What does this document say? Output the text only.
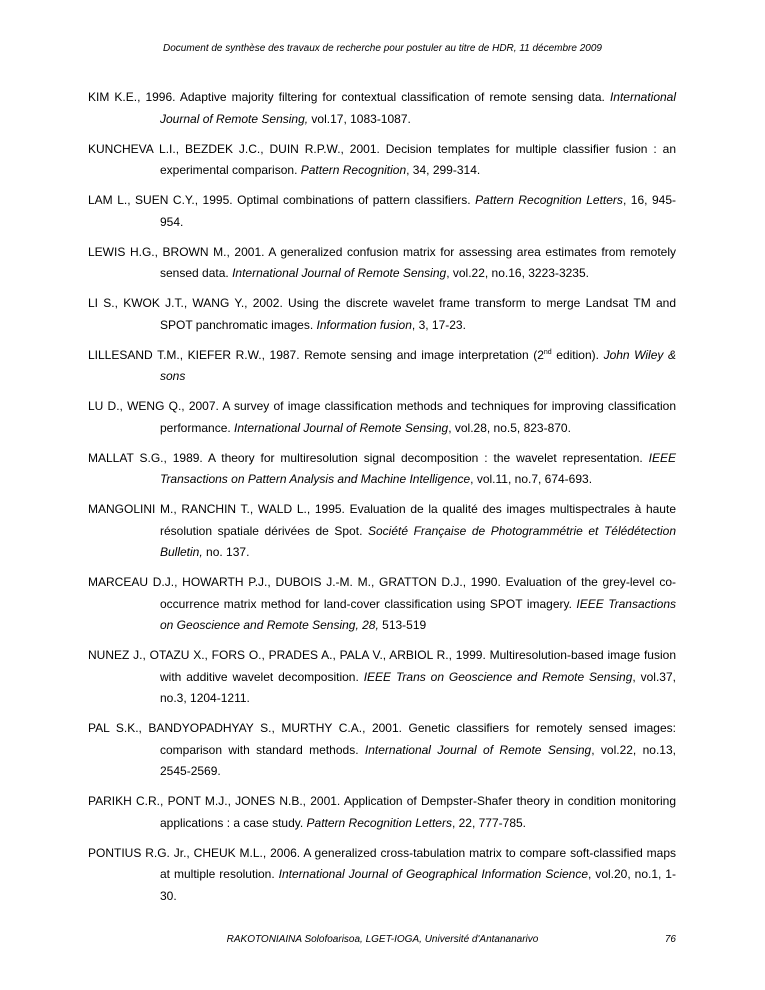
Document de synthèse des travaux de recherche pour postuler au titre de HDR, 11 décembre 2009

KIM K.E., 1996. Adaptive majority filtering for contextual classification of remote sensing data. International Journal of Remote Sensing, vol.17, 1083-1087.

KUNCHEVA L.I., BEZDEK J.C., DUIN R.P.W., 2001. Decision templates for multiple classifier fusion : an experimental comparison. Pattern Recognition, 34, 299-314.

LAM L., SUEN C.Y., 1995. Optimal combinations of pattern classifiers. Pattern Recognition Letters, 16, 945-954.

LEWIS H.G., BROWN M., 2001. A generalized confusion matrix for assessing area estimates from remotely sensed data. International Journal of Remote Sensing, vol.22, no.16, 3223-3235.

LI S., KWOK J.T., WANG Y., 2002. Using the discrete wavelet frame transform to merge Landsat TM and SPOT panchromatic images. Information fusion, 3, 17-23.

LILLESAND T.M., KIEFER R.W., 1987. Remote sensing and image interpretation (2nd edition). John Wiley & sons

LU D., WENG Q., 2007. A survey of image classification methods and techniques for improving classification performance. International Journal of Remote Sensing, vol.28, no.5, 823-870.

MALLAT S.G., 1989. A theory for multiresolution signal decomposition : the wavelet representation. IEEE Transactions on Pattern Analysis and Machine Intelligence, vol.11, no.7, 674-693.

MANGOLINI M., RANCHIN T., WALD L., 1995. Evaluation de la qualité des images multispectrales à haute résolution spatiale dérivées de Spot. Société Française de Photogrammétrie et Télédétection Bulletin, no. 137.

MARCEAU D.J., HOWARTH P.J., DUBOIS J.-M. M., GRATTON D.J., 1990. Evaluation of the grey-level co-occurrence matrix method for land-cover classification using SPOT imagery. IEEE Transactions on Geoscience and Remote Sensing, 28, 513-519

NUNEZ J., OTAZU X., FORS O., PRADES A., PALA V., ARBIOL R., 1999. Multiresolution-based image fusion with additive wavelet decomposition. IEEE Trans on Geoscience and Remote Sensing, vol.37, no.3, 1204-1211.

PAL S.K., BANDYOPADHYAY S., MURTHY C.A., 2001. Genetic classifiers for remotely sensed images: comparison with standard methods. International Journal of Remote Sensing, vol.22, no.13, 2545-2569.

PARIKH C.R., PONT M.J., JONES N.B., 2001. Application of Dempster-Shafer theory in condition monitoring applications : a case study. Pattern Recognition Letters, 22, 777-785.

PONTIUS R.G. Jr., CHEUK M.L., 2006. A generalized cross-tabulation matrix to compare soft-classified maps at multiple resolution. International Journal of Geographical Information Science, vol.20, no.1, 1-30.

RAKOTONIAINA Solofoarisoa, LGET-IOGA, Université d'Antananarivo	76
